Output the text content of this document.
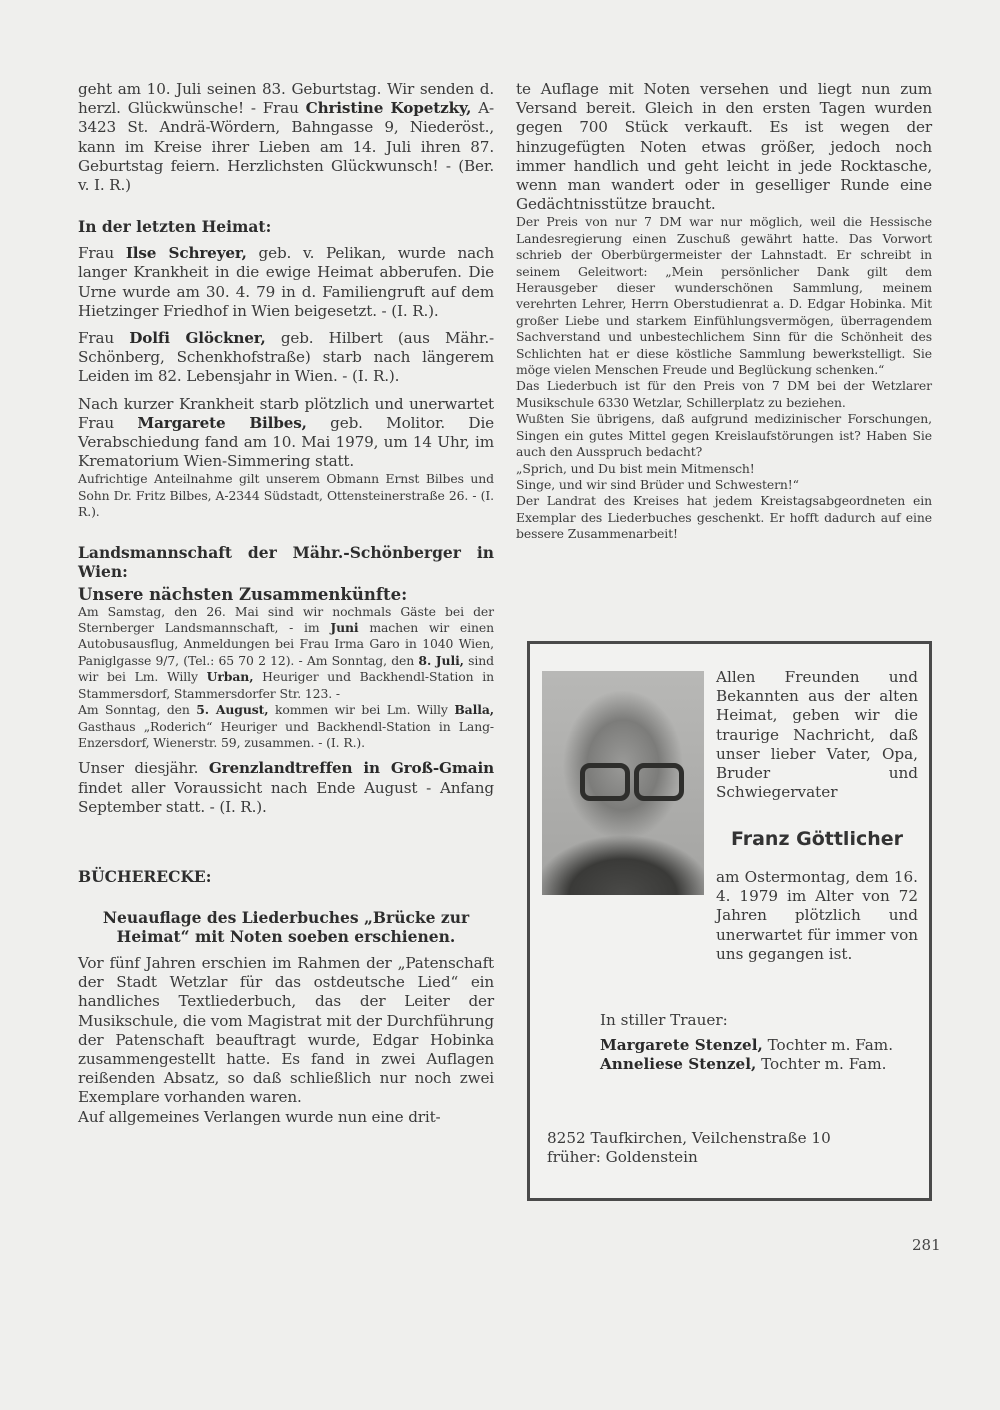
geht am 10. Juli seinen 83. Geburtstag. Wir senden d. herzl. Glückwünsche! - Frau Christine Kopetzky, A-3423 St. Andrä-Wördern, Bahngasse 9, Niederöst., kann im Kreise ihrer Lieben am 14. Juli ihren 87. Geburtstag feiern. Herzlichsten Glückwunsch! - (Ber. v. I. R.)

In der letzten Heimat:

Frau Ilse Schreyer, geb. v. Pelikan, wurde nach langer Krankheit in die ewige Heimat abberufen. Die Urne wurde am 30. 4. 79 in d. Familiengruft auf dem Hietzinger Friedhof in Wien beigesetzt. - (I. R.).

Frau Dolfi Glöckner, geb. Hilbert (aus Mähr.-Schönberg, Schenkhofstraße) starb nach längerem Leiden im 82. Lebensjahr in Wien. - (I. R.).

Nach kurzer Krankheit starb plötzlich und unerwartet Frau Margarete Bilbes, geb. Molitor. Die Verabschiedung fand am 10. Mai 1979, um 14 Uhr, im Krematorium Wien-Simmering statt.

Aufrichtige Anteilnahme gilt unserem Obmann Ernst Bilbes und Sohn Dr. Fritz Bilbes, A-2344 Südstadt, Ottensteinerstraße 26. - (I. R.).

Landsmannschaft der Mähr.-Schönberger in Wien:
Unsere nächsten Zusammenkünfte:

Am Samstag, den 26. Mai sind wir nochmals Gäste bei der Sternberger Landsmannschaft, - im Juni machen wir einen Autobusausflug, Anmeldungen bei Frau Irma Garo in 1040 Wien, Paniglgasse 9/7, (Tel.: 65 70 2 12). - Am Sonntag, den 8. Juli, sind wir bei Lm. Willy Urban, Heuriger und Backhendl-Station in Stammersdorf, Stammersdorfer Str. 123. -

Am Sonntag, den 5. August, kommen wir bei Lm. Willy Balla, Gasthaus „Roderich“ Heuriger und Backhendl-Station in Lang-Enzersdorf, Wienerstr. 59, zusammen. - (I. R.).

Unser diesjähr. Grenzlandtreffen in Groß-Gmain findet aller Voraussicht nach Ende August - Anfang September statt. - (I. R.).

BÜCHERECKE:
Neuauflage des Liederbuches „Brücke zur Heimat“ mit Noten soeben erschienen.

Vor fünf Jahren erschien im Rahmen der „Patenschaft der Stadt Wetzlar für das ostdeutsche Lied“ ein handliches Textliederbuch, das der Leiter der Musikschule, die vom Magistrat mit der Durchführung der Patenschaft beauftragt wurde, Edgar Hobinka zusammengestellt hatte. Es fand in zwei Auflagen reißenden Absatz, so daß schließlich nur noch zwei Exemplare vorhanden waren.

Auf allgemeines Verlangen wurde nun eine drit-

te Auflage mit Noten versehen und liegt nun zum Versand bereit. Gleich in den ersten Tagen wurden gegen 700 Stück verkauft. Es ist wegen der hinzugefügten Noten etwas größer, jedoch noch immer handlich und geht leicht in jede Rocktasche, wenn man wandert oder in geselliger Runde eine Gedächtnisstütze braucht.

Der Preis von nur 7 DM war nur möglich, weil die Hessische Landesregierung einen Zuschuß gewährt hatte. Das Vorwort schrieb der Oberbürgermeister der Lahnstadt. Er schreibt in seinem Geleitwort: „Mein persönlicher Dank gilt dem Herausgeber dieser wunderschönen Sammlung, meinem verehrten Lehrer, Herrn Oberstudienrat a. D. Edgar Hobinka. Mit großer Liebe und starkem Einfühlungsvermögen, überragendem Sachverstand und unbestechlichem Sinn für die Schönheit des Schlichten hat er diese köstliche Sammlung bewerkstelligt. Sie möge vielen Menschen Freude und Beglückung schenken.“

Das Liederbuch ist für den Preis von 7 DM bei der Wetzlarer Musikschule 6330 Wetzlar, Schillerplatz zu beziehen.

Wußten Sie übrigens, daß aufgrund medizinischer Forschungen, Singen ein gutes Mittel gegen Kreislaufstörungen ist? Haben Sie auch den Ausspruch bedacht?

„Sprich, und Du bist mein Mitmensch!

Singe, und wir sind Brüder und Schwestern!“

Der Landrat des Kreises hat jedem Kreistagsabgeordneten ein Exemplar des Liederbuches geschenkt. Er hofft dadurch auf eine bessere Zusammenarbeit!

Allen Freunden und Bekannten aus der alten Heimat, geben wir die traurige Nachricht, daß unser lieber Vater, Opa, Bruder und Schwiegervater

Franz Göttlicher

am Ostermontag, dem 16. 4. 1979 im Alter von 72 Jahren plötzlich und unerwartet für immer von uns gegangen ist.

In stiller Trauer:
Margarete Stenzel, Tochter m. Fam.
Anneliese Stenzel, Tochter m. Fam.
8252 Taufkirchen, Veilchenstraße 10
früher: Goldenstein
281
